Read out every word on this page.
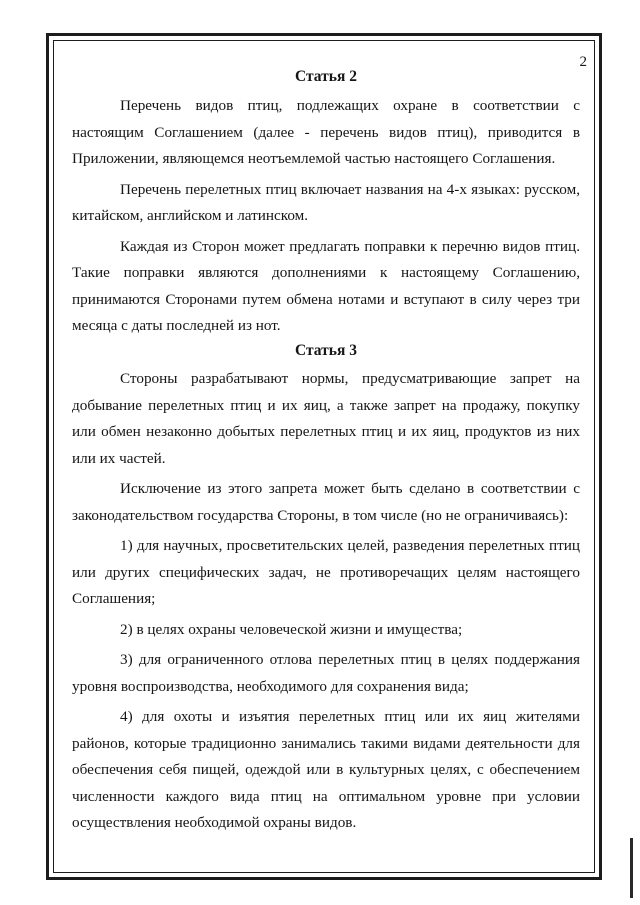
2
Статья 2

Перечень видов птиц, подлежащих охране в соответствии с настоящим Соглашением (далее - перечень видов птиц), приводится в Приложении, являющемся неотъемлемой частью настоящего Соглашения.

Перечень перелетных птиц включает названия на 4-х языках: русском, китайском, английском и латинском.

Каждая из Сторон может предлагать поправки к перечню видов птиц. Такие поправки являются дополнениями к настоящему Соглашению, принимаются Сторонами путем обмена нотами и вступают в силу через три месяца с даты последней из нот.

Статья 3

Стороны разрабатывают нормы, предусматривающие запрет на добывание перелетных птиц и их яиц, а также запрет на продажу, покупку или обмен незаконно добытых перелетных птиц и их яиц, продуктов из них или их частей.

Исключение из этого запрета может быть сделано в соответствии с законодательством государства Стороны, в том числе (но не ограничиваясь):

1) для научных, просветительских целей, разведения перелетных птиц или других специфических задач, не противоречащих целям настоящего Соглашения;

2) в целях охраны человеческой жизни и имущества;

3) для ограниченного отлова перелетных птиц в целях поддержания уровня воспроизводства, необходимого для сохранения вида;

4) для охоты и изъятия перелетных птиц или их яиц жителями районов, которые традиционно занимались такими видами деятельности для обеспечения себя пищей, одеждой или в культурных целях, с обеспечением численности каждого вида птиц на оптимальном уровне при условии осуществления необходимой охраны видов.
